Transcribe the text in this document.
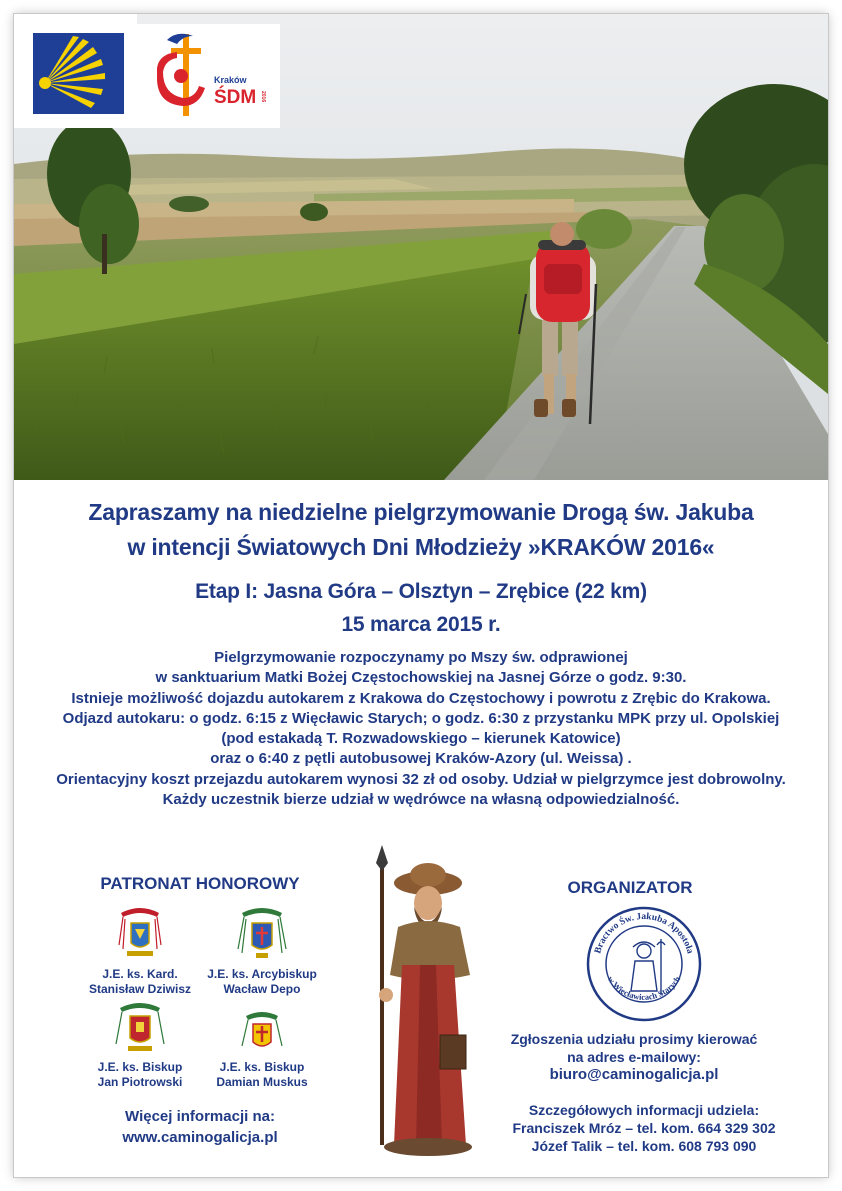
Kraków
ŚDM 2016
Zapraszamy na niedzielne pielgrzymowanie Drogą św. Jakuba
w intencji Światowych Dni Młodzieży »KRAKÓW 2016«
Etap I: Jasna Góra – Olsztyn – Zrębice (22 km)
15 marca 2015 r.
Pielgrzymowanie rozpoczynamy po Mszy św. odprawionej
w sanktuarium Matki Bożej Częstochowskiej na Jasnej Górze o godz. 9:30.
Istnieje możliwość dojazdu autokarem z Krakowa do Częstochowy i powrotu z Zrębic do Krakowa.
Odjazd autokaru: o godz. 6:15 z Więcławic Starych; o godz. 6:30 z przystanku MPK przy ul. Opolskiej
(pod estakadą T. Rozwadowskiego – kierunek Katowice)
oraz o 6:40 z pętli autobusowej Kraków-Azory (ul. Weissa) .
Orientacyjny koszt przejazdu autokarem wynosi 32 zł od osoby. Udział w pielgrzymce jest dobrowolny.
Każdy uczestnik bierze udział w wędrówce na własną odpowiedzialność.
PATRONAT HONOROWY
J.E. ks. Kard.
Stanisław Dziwisz
J.E. ks. Arcybiskup
Wacław Depo
J.E. ks. Biskup
Jan Piotrowski
J.E. ks. Biskup
Damian Muskus
Więcej informacji na:
www.caminogalicja.pl
ORGANIZATOR
Bractwo Św. Jakuba Apostoła
w Więcławicach Starych
Zgłoszenia udziału prosimy kierować
na adres e-mailowy:
biuro@caminogalicja.pl
Szczegółowych informacji udziela:
Franciszek Mróz – tel. kom. 664 329 302
Józef Talik – tel. kom. 608 793 090
